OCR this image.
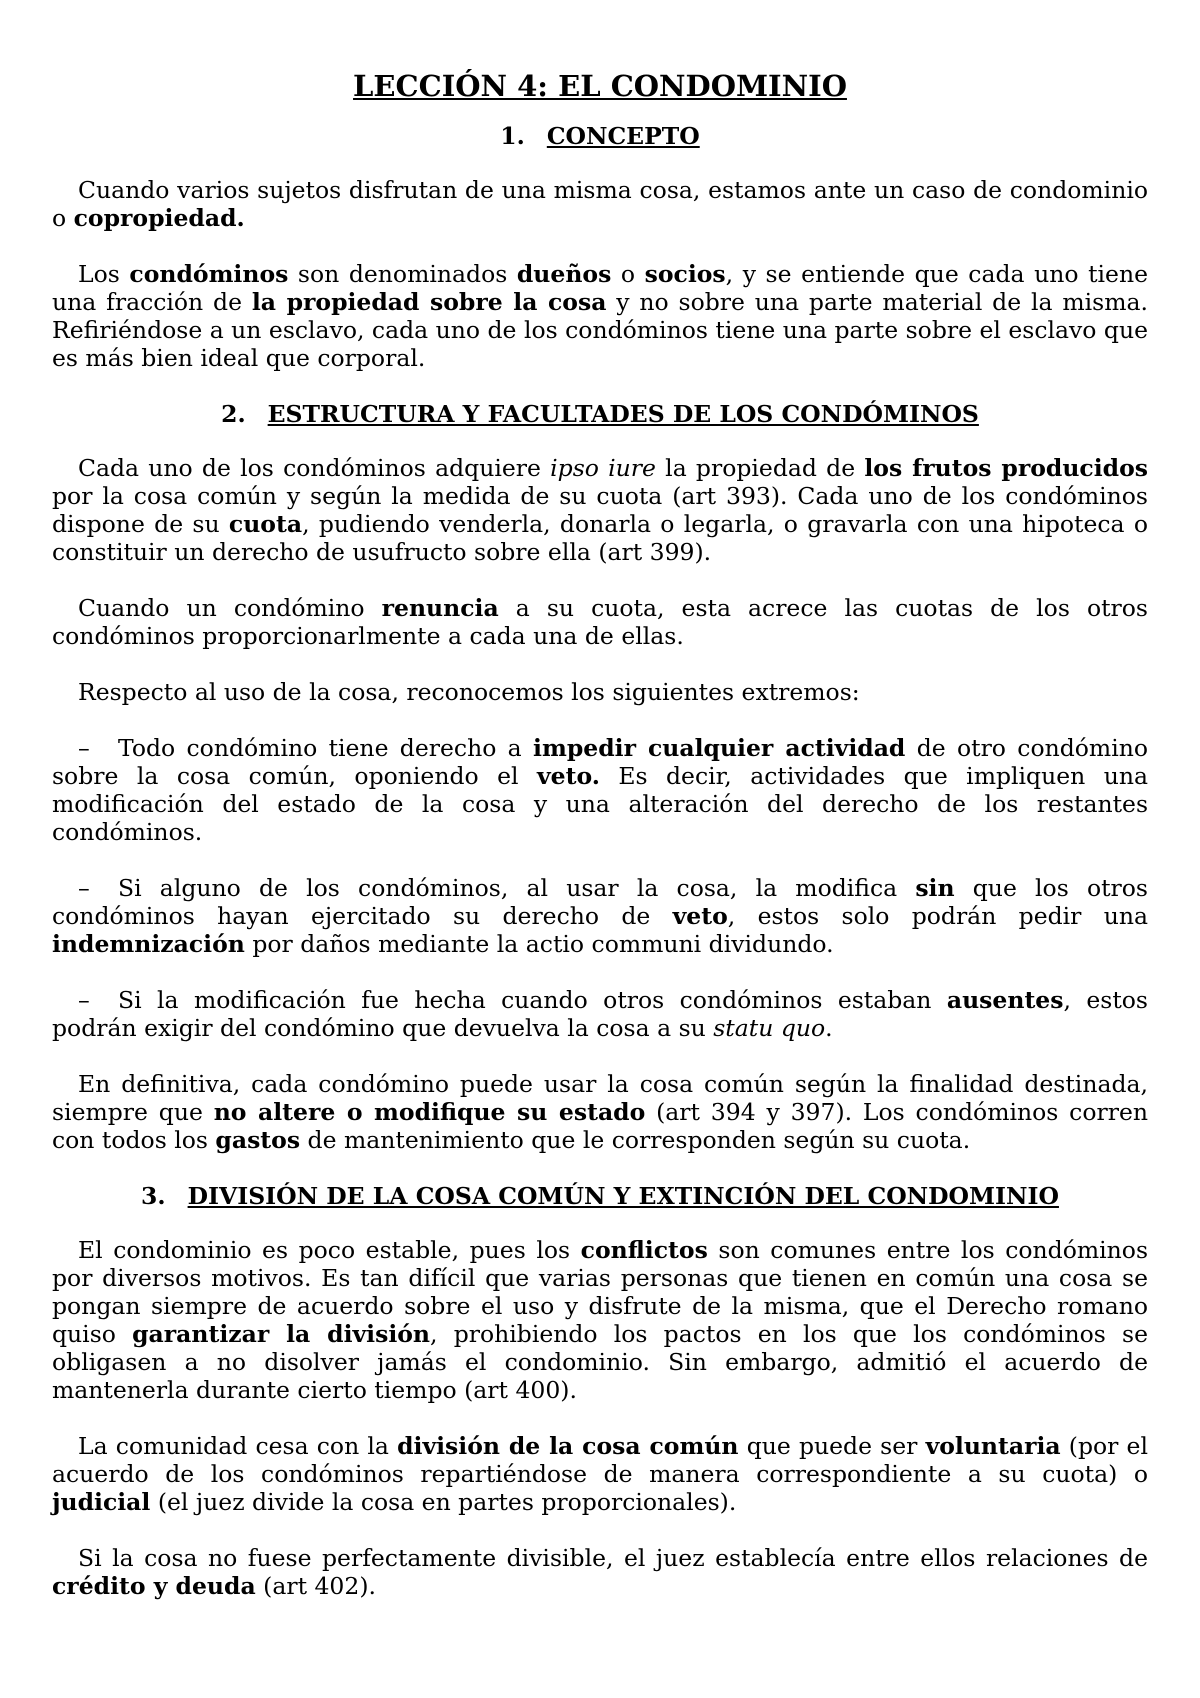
LECCIÓN 4: EL CONDOMINIO
1. CONCEPTO

Cuando varios sujetos disfrutan de una misma cosa, estamos ante un caso de condominio o copropiedad.

Los condóminos son denominados dueños o socios, y se entiende que cada uno tiene una fracción de la propiedad sobre la cosa y no sobre una parte material de la misma. Refiriéndose a un esclavo, cada uno de los condóminos tiene una parte sobre el esclavo que es más bien ideal que corporal.

2. ESTRUCTURA Y FACULTADES DE LOS CONDÓMINOS

Cada uno de los condóminos adquiere ipso iure la propiedad de los frutos producidos por la cosa común y según la medida de su cuota (art 393). Cada uno de los condóminos dispone de su cuota, pudiendo venderla, donarla o legarla, o gravarla con una hipoteca o constituir un derecho de usufructo sobre ella (art 399).

Cuando un condómino renuncia a su cuota, esta acrece las cuotas de los otros condóminos proporcionarlmente a cada una de ellas.

Respecto al uso de la cosa, reconocemos los siguientes extremos:

– Todo condómino tiene derecho a impedir cualquier actividad de otro condómino sobre la cosa común, oponiendo el veto. Es decir, actividades que impliquen una modificación del estado de la cosa y una alteración del derecho de los restantes condóminos.

– Si alguno de los condóminos, al usar la cosa, la modifica sin que los otros condóminos hayan ejercitado su derecho de veto, estos solo podrán pedir una indemnización por daños mediante la actio communi dividundo.

– Si la modificación fue hecha cuando otros condóminos estaban ausentes, estos podrán exigir del condómino que devuelva la cosa a su statu quo.

En definitiva, cada condómino puede usar la cosa común según la finalidad destinada, siempre que no altere o modifique su estado (art 394 y 397). Los condóminos corren con todos los gastos de mantenimiento que le corresponden según su cuota.

3. DIVISIÓN DE LA COSA COMÚN Y EXTINCIÓN DEL CONDOMINIO

El condominio es poco estable, pues los conflictos son comunes entre los condóminos por diversos motivos. Es tan difícil que varias personas que tienen en común una cosa se pongan siempre de acuerdo sobre el uso y disfrute de la misma, que el Derecho romano quiso garantizar la división, prohibiendo los pactos en los que los condóminos se obligasen a no disolver jamás el condominio. Sin embargo, admitió el acuerdo de mantenerla durante cierto tiempo (art 400).

La comunidad cesa con la división de la cosa común que puede ser voluntaria (por el acuerdo de los condóminos repartiéndose de manera correspondiente a su cuota) o judicial (el juez divide la cosa en partes proporcionales).

Si la cosa no fuese perfectamente divisible, el juez establecía entre ellos relaciones de crédito y deuda (art 402).
